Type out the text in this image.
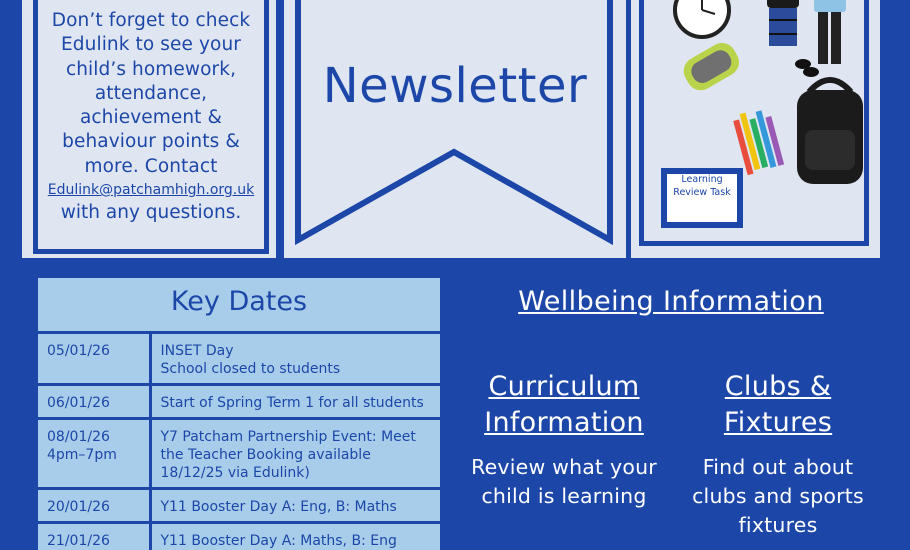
Don’t forget to check Edulink to see your child’s homework, attendance, achievement & behaviour points & more. Contact
Edulink@patchamhigh.org.uk
with any questions.
Newsletter
Learning Review Task
Key Dates
05/01/26	INSET Day
School closed to students

06/01/26	Start of Spring Term 1 for all students

08/01/26
4pm–7pm	Y7 Patcham Partnership Event: Meet the Teacher Booking available 18/12/25 via Edulink)

20/01/26	Y11 Booster Day A: Eng, B: Maths

21/01/26	Y11 Booster Day A: Maths, B: Eng

Wellbeing Information
Curriculum
Information
Review what your child is learning
Clubs &
Fixtures
Find out about clubs and sports fixtures
